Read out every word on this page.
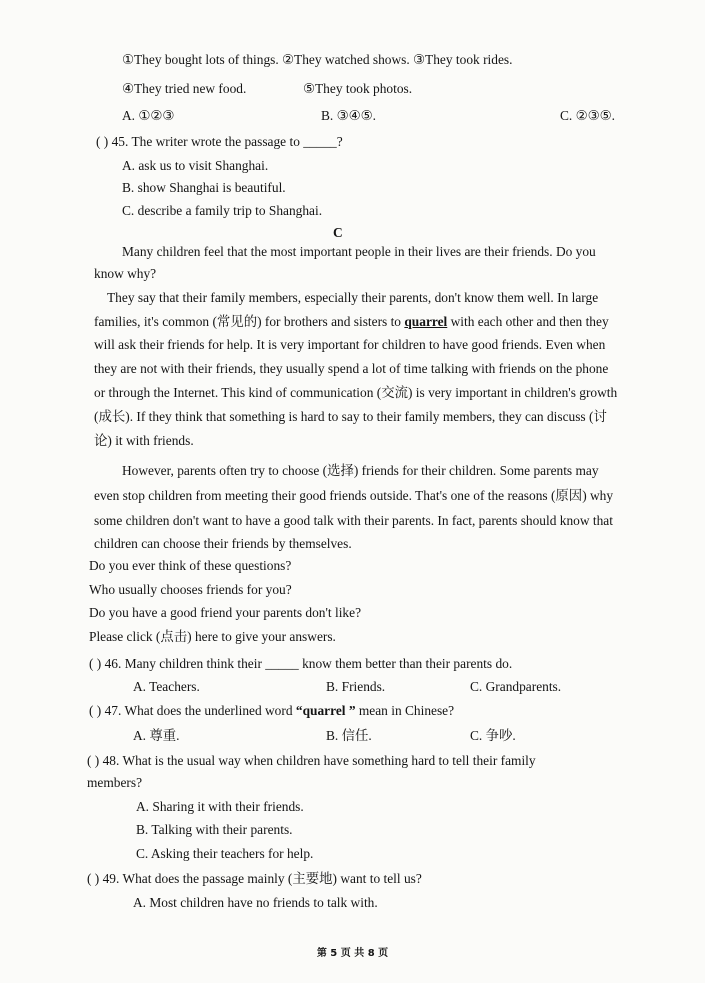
①They bought lots of things. ②They watched shows. ③They took rides.
④They tried new food.	⑤They took photos.
A. ①②③	B. ③④⑤.	C. ②③⑤.
( ) 45. The writer wrote the passage to _____?
A. ask us to visit Shanghai.
B. show Shanghai is beautiful.
C. describe a family trip to Shanghai.
C
Many children feel that the most important people in their lives are their friends. Do you
know why?
They say that their family members, especially their parents, don't know them well. In large
families, it's common (常见的) for brothers and sisters to quarrel with each other and then they
will ask their friends for help. It is very important for children to have good friends. Even when
they are not with their friends, they usually spend a lot of time talking with friends on the phone
or through the Internet. This kind of communication (交流) is very important in children's growth
(成长). If they think that something is hard to say to their family members, they can discuss (讨
论) it with friends.
However, parents often try to choose (选择) friends for their children. Some parents may
even stop children from meeting their good friends outside. That's one of the reasons (原因) why
some children don't want to have a good talk with their parents. In fact, parents should know that
children can choose their friends by themselves.
Do you ever think of these questions?
Who usually chooses friends for you?
Do you have a good friend your parents don't like?
Please click (点击) here to give your answers.
( ) 46. Many children think their _____ know them better than their parents do.
A. Teachers.	B. Friends.	C. Grandparents.
( ) 47. What does the underlined word “quarrel ” mean in Chinese?
A. 尊重.	B. 信任.	C. 争吵.
( ) 48. What is the usual way when children have something hard to tell their family
members?
A. Sharing it with their friends.
B. Talking with their parents.
C. Asking their teachers for help.
( ) 49. What does the passage mainly (主要地) want to tell us?
A. Most children have no friends to talk with.
第 5 页 共 8 页
